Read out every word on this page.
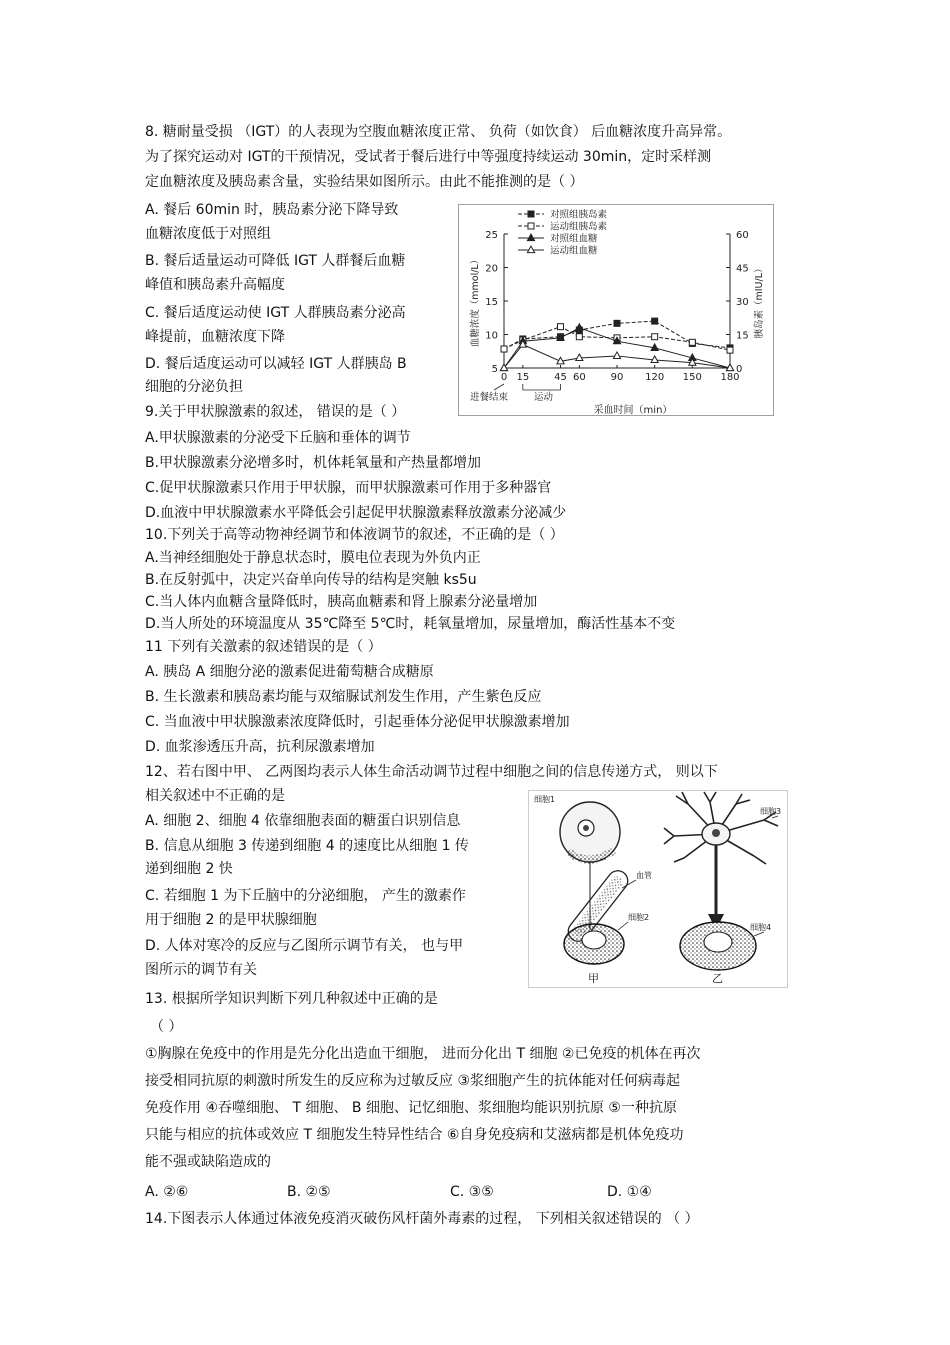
8. 糖耐量受损 （IGT）的人表现为空腹血糖浓度正常、 负荷（如饮食） 后血糖浓度升高异常。
为了探究运动对 IGT的干预情况，受试者于餐后进行中等强度持续运动 30min，定时采样测
定血糖浓度及胰岛素含量，实验结果如图所示。由此不能推测的是（ ）
A. 餐后 60min 时，胰岛素分泌下降导致
血糖浓度低于对照组
B. 餐后适量运动可降低 IGT 人群餐后血糖
峰值和胰岛素升高幅度
C. 餐后适度运动使 IGT 人群胰岛素分泌高
峰提前，血糖浓度下降
D. 餐后适度运动可以减轻 IGT 人群胰岛 B
细胞的分泌负担
25
20
15
10
5
60
45
30
15
0
0 15 45 60 90 120 150 180
血糖浓度（mmol/L）	胰岛素（mIU/L）
采血时间（min）
进餐结束	运动
对照组胰岛素
运动组胰岛素
对照组血糖
运动组血糖
9.关于甲状腺激素的叙述， 错误的是（ ）
A.甲状腺激素的分泌受下丘脑和垂体的调节
B.甲状腺激素分泌增多时，机体耗氧量和产热量都增加
C.促甲状腺激素只作用于甲状腺，而甲状腺激素可作用于多种器官
D.血液中甲状腺激素水平降低会引起促甲状腺激素释放激素分泌减少
10.下列关于高等动物神经调节和体液调节的叙述，不正确的是（ ）
A.当神经细胞处于静息状态时，膜电位表现为外负内正
B.在反射弧中，决定兴奋单向传导的结构是突触 ks5u
C.当人体内血糖含量降低时，胰高血糖素和肾上腺素分泌量增加
D.当人所处的环境温度从 35℃降至 5℃时，耗氧量增加，尿量增加，酶活性基本不变
11 下列有关激素的叙述错误的是（ ）
A. 胰岛 A 细胞分泌的激素促进葡萄糖合成糖原
B. 生长激素和胰岛素均能与双缩脲试剂发生作用，产生紫色反应
C. 当血液中甲状腺激素浓度降低时，引起垂体分泌促甲状腺激素增加
D. 血浆渗透压升高，抗利尿激素增加
12、若右图中甲、 乙两图均表示人体生命活动调节过程中细胞之间的信息传递方式， 则以下
相关叙述中不正确的是
A. 细胞 2、细胞 4 依靠细胞表面的糖蛋白识别信息
B. 信息从细胞 3 传递到细胞 4 的速度比从细胞 1 传
递到细胞 2 快
C. 若细胞 1 为下丘脑中的分泌细胞， 产生的激素作
用于细胞 2 的是甲状腺细胞
D. 人体对寒冷的反应与乙图所示调节有关， 也与甲
图所示的调节有关
细胞1
血管
细胞2
细胞3
细胞4
甲	乙
13. 根据所学知识判断下列几种叙述中正确的是
（ ）
①胸腺在免疫中的作用是先分化出造血干细胞， 进而分化出 T 细胞 ②已免疫的机体在再次
接受相同抗原的刺激时所发生的反应称为过敏反应 ③浆细胞产生的抗体能对任何病毒起
免疫作用 ④吞噬细胞、 T 细胞、 B 细胞、记忆细胞、浆细胞均能识别抗原 ⑤一种抗原
只能与相应的抗体或效应 T 细胞发生特异性结合 ⑥自身免疫病和艾滋病都是机体免疫功
能不强或缺陷造成的
A. ②⑥	B. ②⑤	C. ③⑤	D. ①④
14.下图表示人体通过体液免疫消灭破伤风杆菌外毒素的过程， 下列相关叙述错误的 （ ）
